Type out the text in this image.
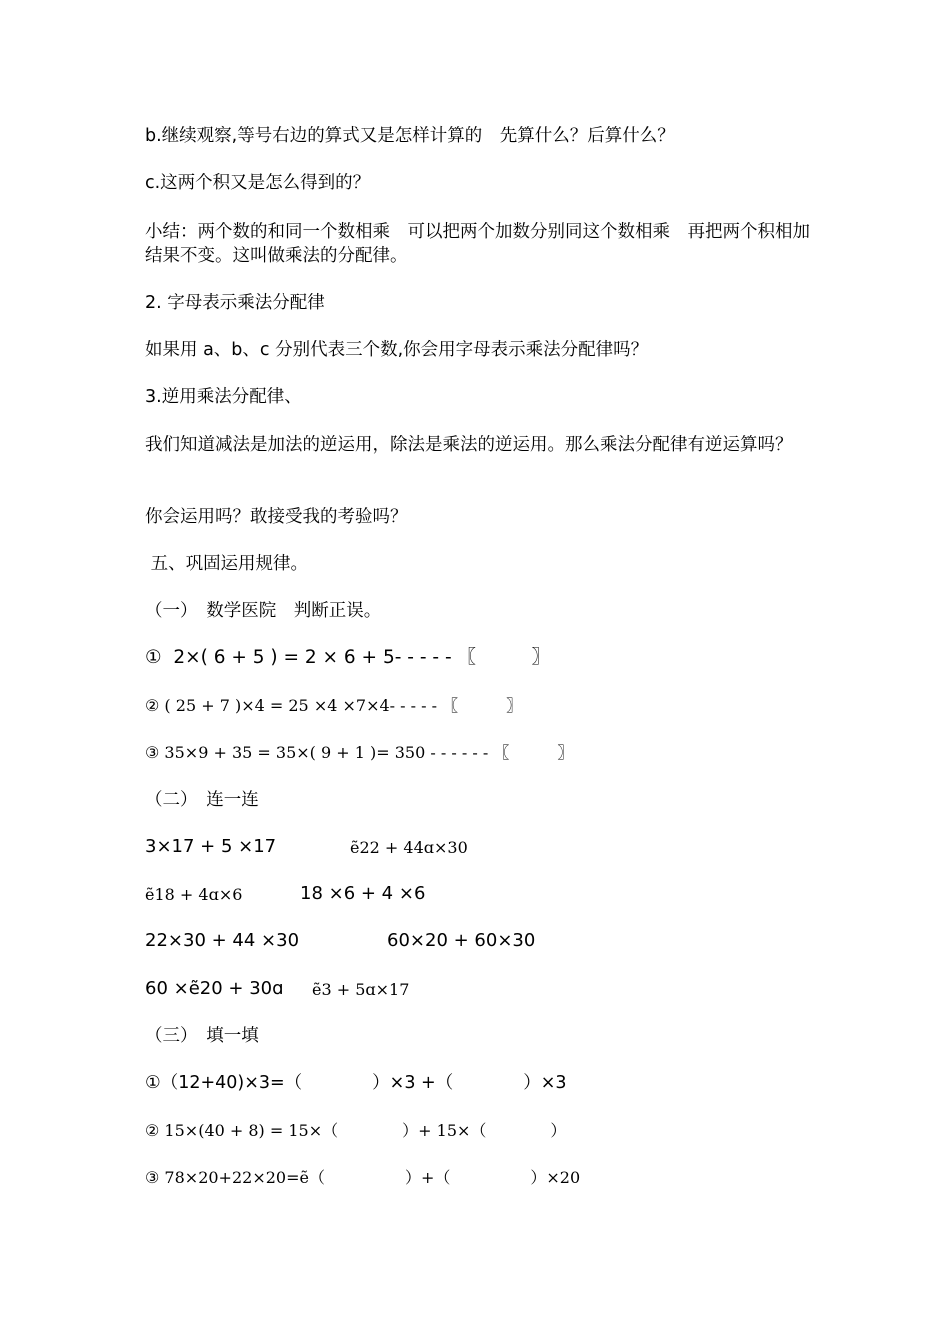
b.继续观察,等号右边的算式又是怎样计算的　先算什么？后算什么？
c.这两个积又是怎么得到的？
小结：两个数的和同一个数相乘　可以把两个加数分别同这个数相乘　再把两个积相加　结果不变。这叫做乘法的分配律。
2. 字母表示乘法分配律
如果用 a、b、c 分别代表三个数,你会用字母表示乘法分配律吗？
3.逆用乘法分配律、
我们知道减法是加法的逆运用，除法是乘法的逆运用。那么乘法分配律有逆运算吗？
你会运用吗？敢接受我的考验吗？
五、巩固运用规律。
（一）　数学医院　判断正误。
①  2×( 6 + 5 ) = 2 × 6 + 5- - - - - 〖　　　〗
② ( 25 + 7 )×4 = 25 ×4 ×7×4- - - - - 〖　　　〗
③ 35×9 + 35 = 35×( 9 + 1 )= 350 - - - - - - 〖　　　〗
（二）　连一连
3×17 + 5 ×17	ẽ22 + 44ɑ×30
ẽ18 + 4ɑ×6	18 ×6 + 4 ×6
22×30 + 44 ×30	60×20 + 60×30
60 ×ẽ20 + 30ɑ ẽ3 + 5ɑ×17
（三）　填一填
①（12+40)×3=（　　　　）×3 +（　　　　）×3
② 15×(40 + 8) = 15×（　　　　）+ 15×（　　　　）
③ 78×20+22×20=ẽ（　　　　　）+（　　　　　）×20
